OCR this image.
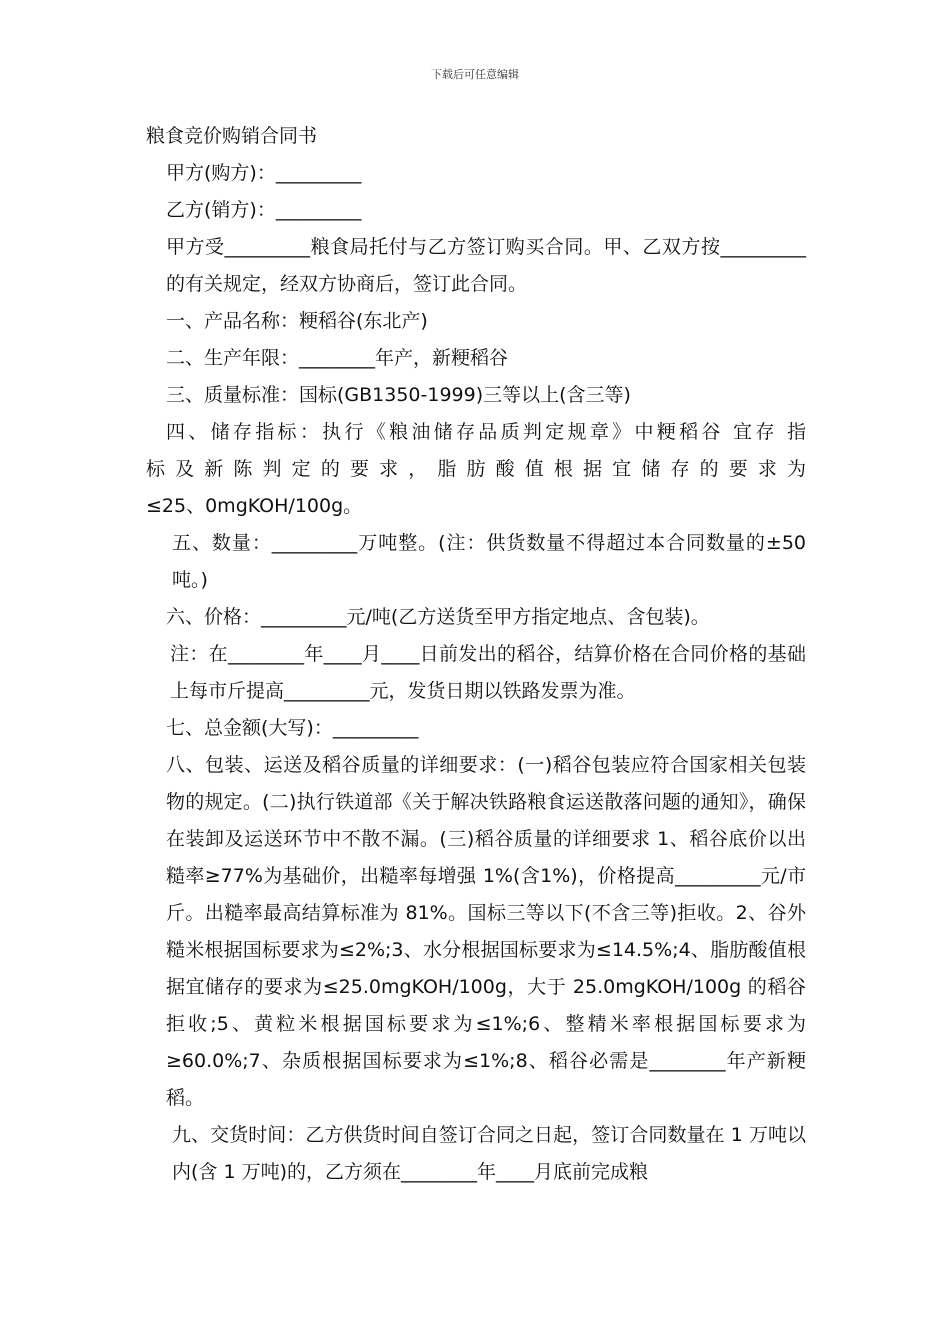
下载后可任意编辑

粮食竞价购销合同书

甲方(购方)：_________

乙方(销方)：_________

甲方受_________粮食局托付与乙方签订购买合同。甲、乙双方按_________的有关规定，经双方协商后，签订此合同。

一、产品名称：粳稻谷(东北产)

二、生产年限：________年产，新粳稻谷

三、质量标准：国标(GB1350-1999)三等以上(含三等)

四、储存指标：执行《粮油储存品质判定规章》中粳稻谷 宜存 指

标 及 新 陈 判 定 的 要 求 ， 脂 肪 酸 值 根 据 宜 储 存 的 要 求 为

≤25、0mgKOH/100g。

五、数量：_________万吨整。(注：供货数量不得超过本合同数量的±50 吨。)

六、价格：_________元/吨(乙方送货至甲方指定地点、含包装)。

注：在________年____月____日前发出的稻谷，结算价格在合同价格的基础上每市斤提高_________元，发货日期以铁路发票为准。

七、总金额(大写)：_________

八、包装、运送及稻谷质量的详细要求：(一)稻谷包装应符合国家相关包装物的规定。(二)执行铁道部《关于解决铁路粮食运送散落问题的通知》，确保在装卸及运送环节中不散不漏。(三)稻谷质量的详细要求 1、稻谷底价以出糙率≥77%为基础价，出糙率每增强 1%(含1%)，价格提高_________元/市斤。出糙率最高结算标准为 81%。国标三等以下(不含三等)拒收。2、谷外糙米根据国标要求为≤2%;3、水分根据国标要求为≤14.5%;4、脂肪酸值根据宜储存的要求为≤25.0mgKOH/100g，大于 25.0mgKOH/100g 的稻谷拒收;5、黄粒米根据国标要求为≤1%;6、整精米率根据国标要求为≥60.0%;7、杂质根据国标要求为≤1%;8、稻谷必需是________年产新粳稻。

九、交货时间：乙方供货时间自签订合同之日起，签订合同数量在 1 万吨以内(含 1 万吨)的，乙方须在________年____月底前完成粮
